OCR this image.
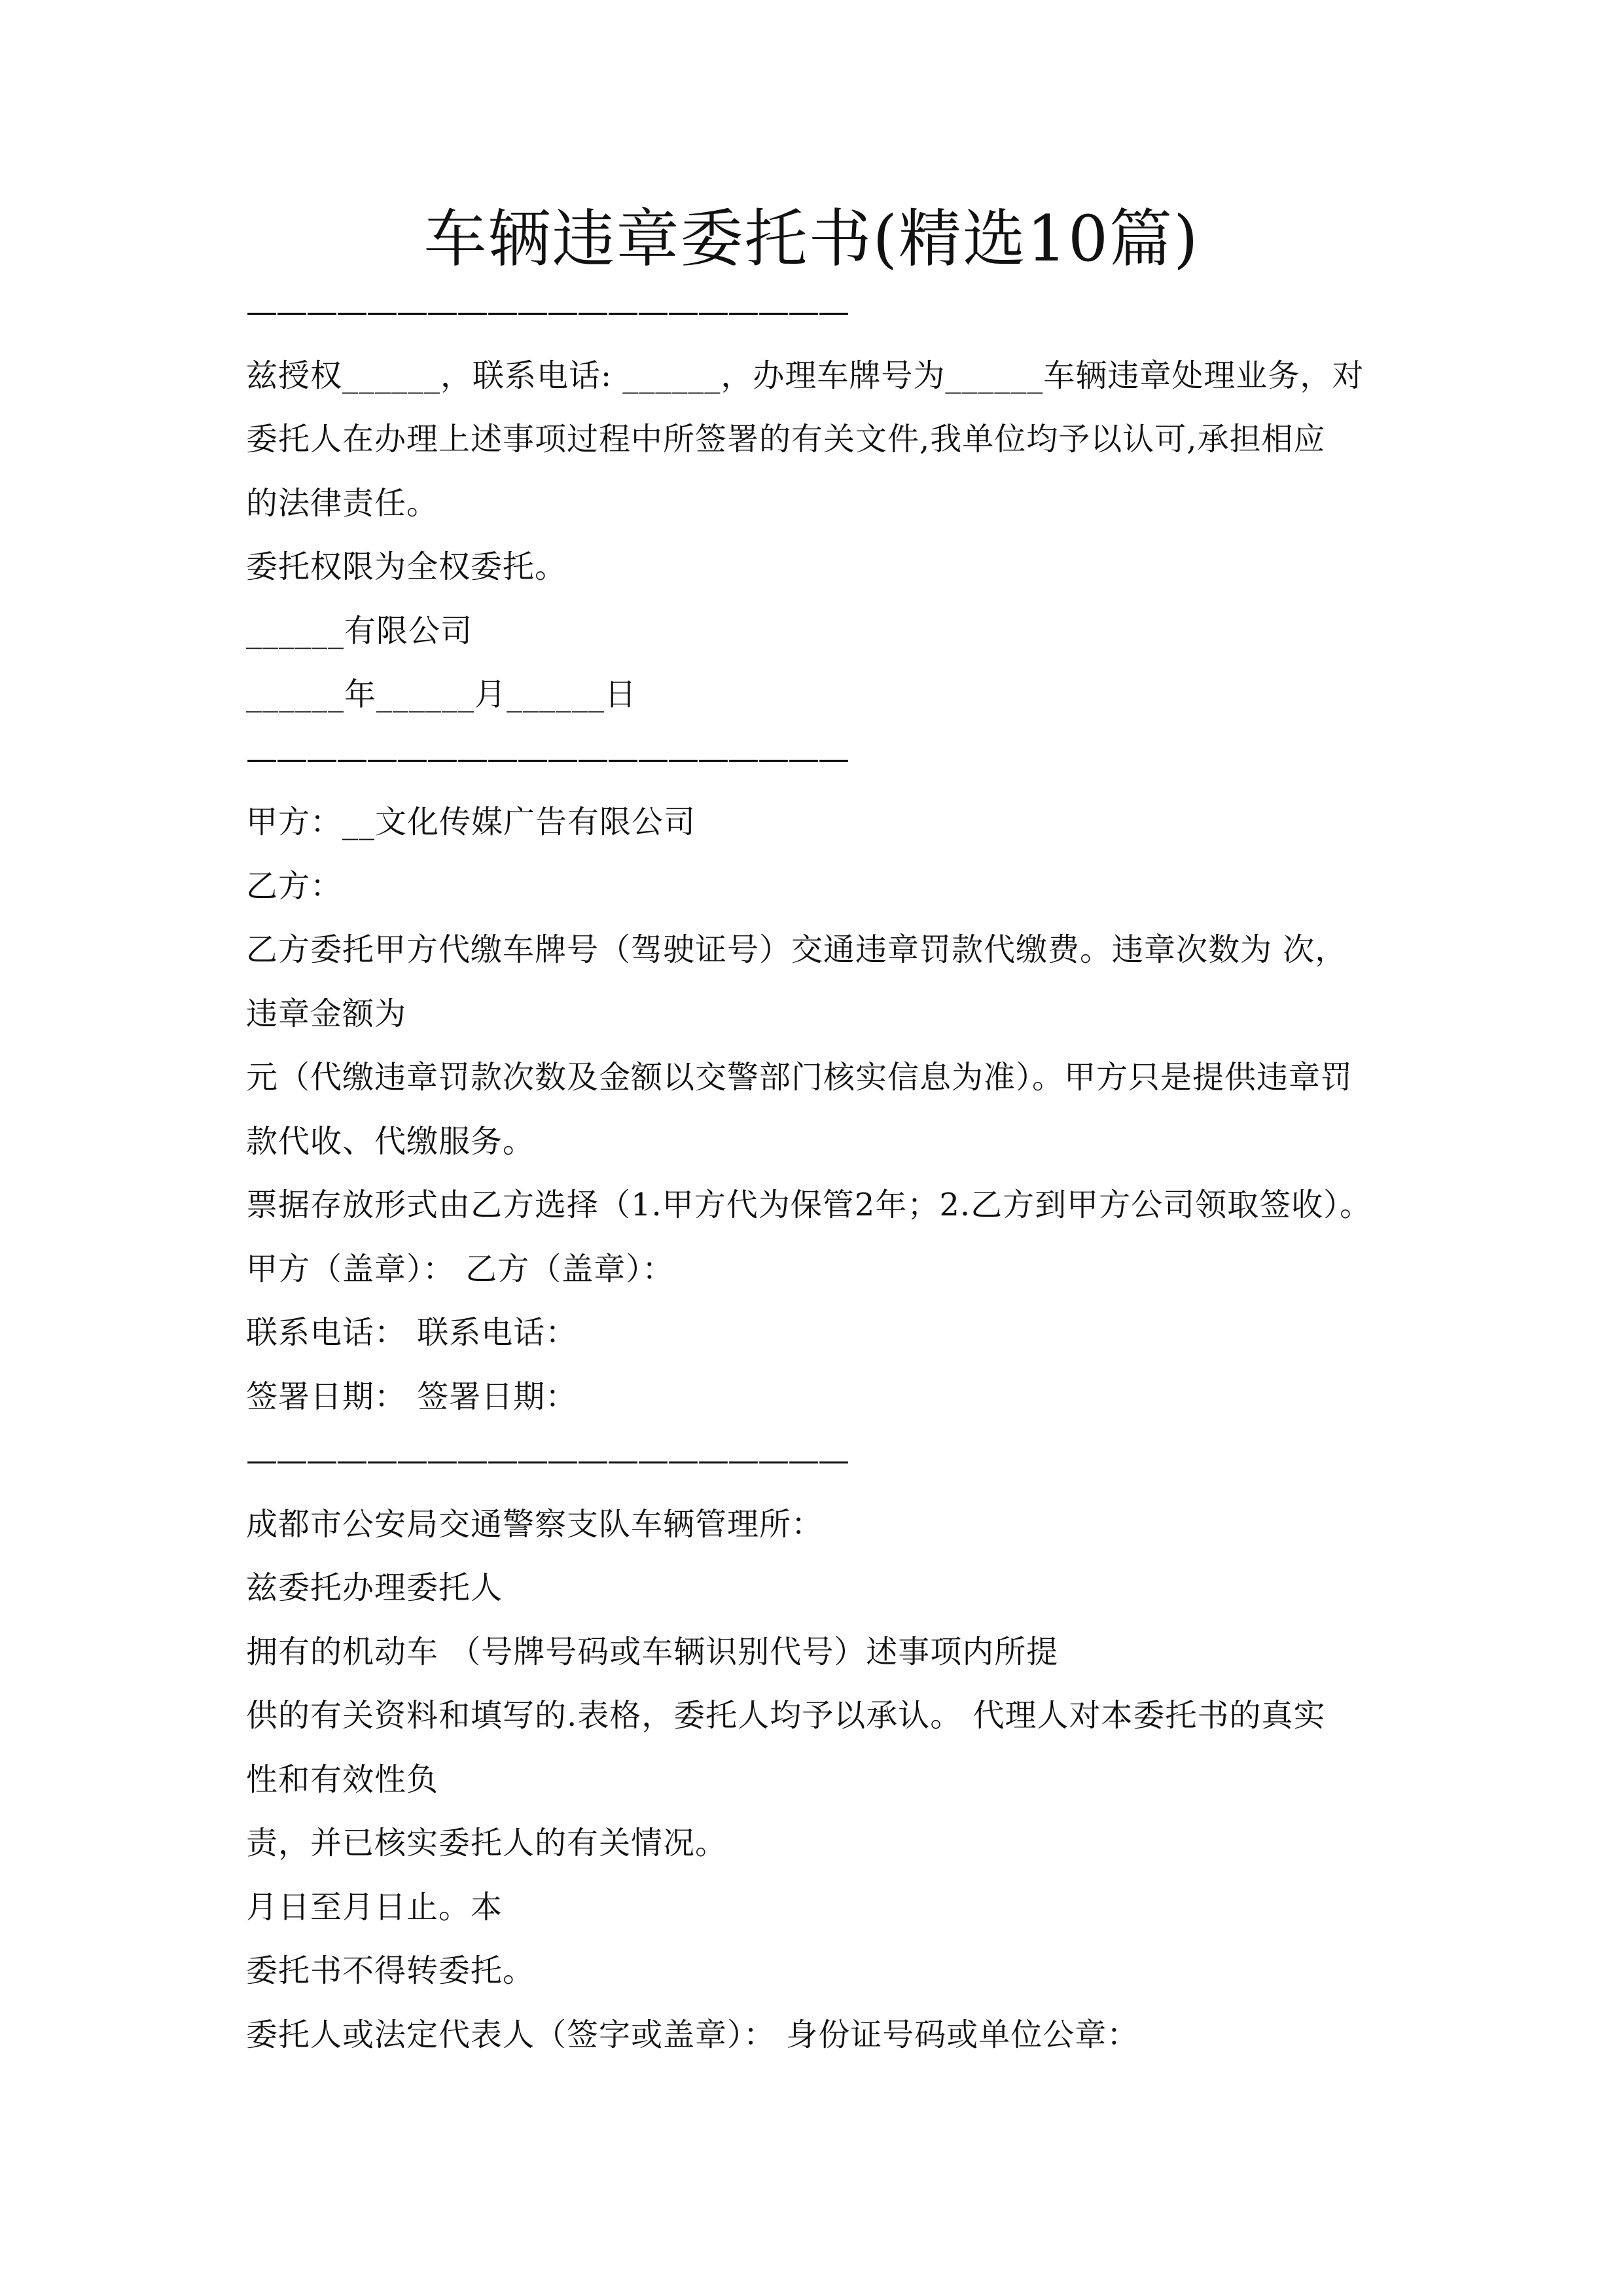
车辆违章委托书(精选10篇)
————————————————————
兹授权______，联系电话: ______，办理车牌号为______车辆违章处理业务，对
委托人在办理上述事项过程中所签署的有关文件,我单位均予以认可,承担相应
的法律责任。
委托权限为全权委托。
______有限公司
______年______月______日
————————————————————
甲方：__文化传媒广告有限公司
乙方：
乙方委托甲方代缴车牌号（驾驶证号）交通违章罚款代缴费。违章次数为 次，
违章金额为
元（代缴违章罚款次数及金额以交警部门核实信息为准）。甲方只是提供违章罚
款代收、代缴服务。
票据存放形式由乙方选择（1.甲方代为保管2年；2.乙方到甲方公司领取签收）。
甲方（盖章）： 乙方（盖章）：
联系电话： 联系电话：
签署日期： 签署日期：
————————————————————
成都市公安局交通警察支队车辆管理所：
兹委托办理委托人
拥有的机动车 （号牌号码或车辆识别代号）述事项内所提
供的有关资料和填写的.表格，委托人均予以承认。 代理人对本委托书的真实
性和有效性负
责，并已核实委托人的有关情况。
月日至月日止。本
委托书不得转委托。
委托人或法定代表人（签字或盖章）： 身份证号码或单位公章：
